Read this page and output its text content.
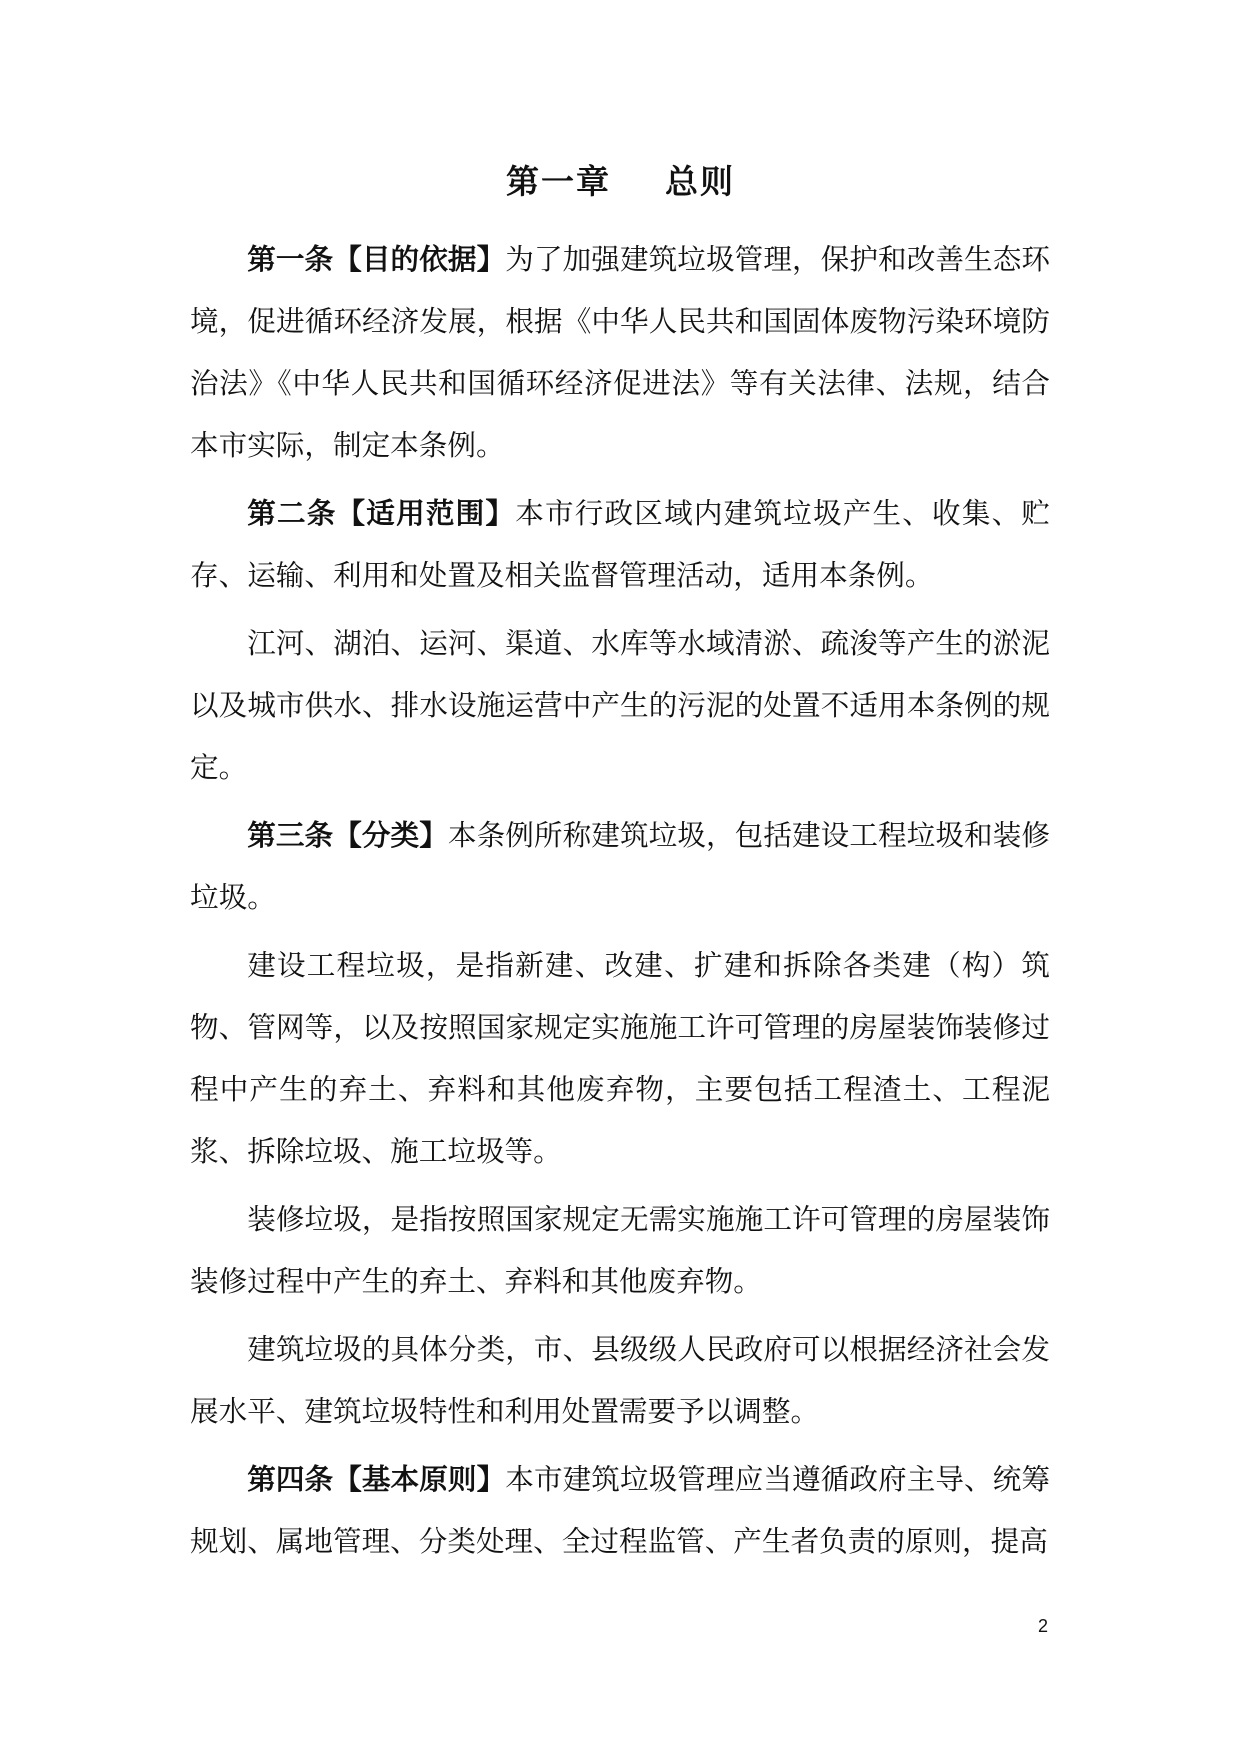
第一章    总则

第一条【目的依据】为了加强建筑垃圾管理，保护和改善生态环境，促进循环经济发展，根据《中华人民共和国固体废物污染环境防治法》《中华人民共和国循环经济促进法》等有关法律、法规，结合本市实际，制定本条例。

第二条【适用范围】本市行政区域内建筑垃圾产生、收集、贮存、运输、利用和处置及相关监督管理活动，适用本条例。

江河、湖泊、运河、渠道、水库等水域清淤、疏浚等产生的淤泥以及城市供水、排水设施运营中产生的污泥的处置不适用本条例的规定。

第三条【分类】本条例所称建筑垃圾，包括建设工程垃圾和装修垃圾。

建设工程垃圾，是指新建、改建、扩建和拆除各类建（构）筑物、管网等，以及按照国家规定实施施工许可管理的房屋装饰装修过程中产生的弃土、弃料和其他废弃物，主要包括工程渣土、工程泥浆、拆除垃圾、施工垃圾等。

装修垃圾，是指按照国家规定无需实施施工许可管理的房屋装饰装修过程中产生的弃土、弃料和其他废弃物。

建筑垃圾的具体分类，市、县级级人民政府可以根据经济社会发展水平、建筑垃圾特性和利用处置需要予以调整。

第四条【基本原则】本市建筑垃圾管理应当遵循政府主导、统筹规划、属地管理、分类处理、全过程监管、产生者负责的原则，提高

2
